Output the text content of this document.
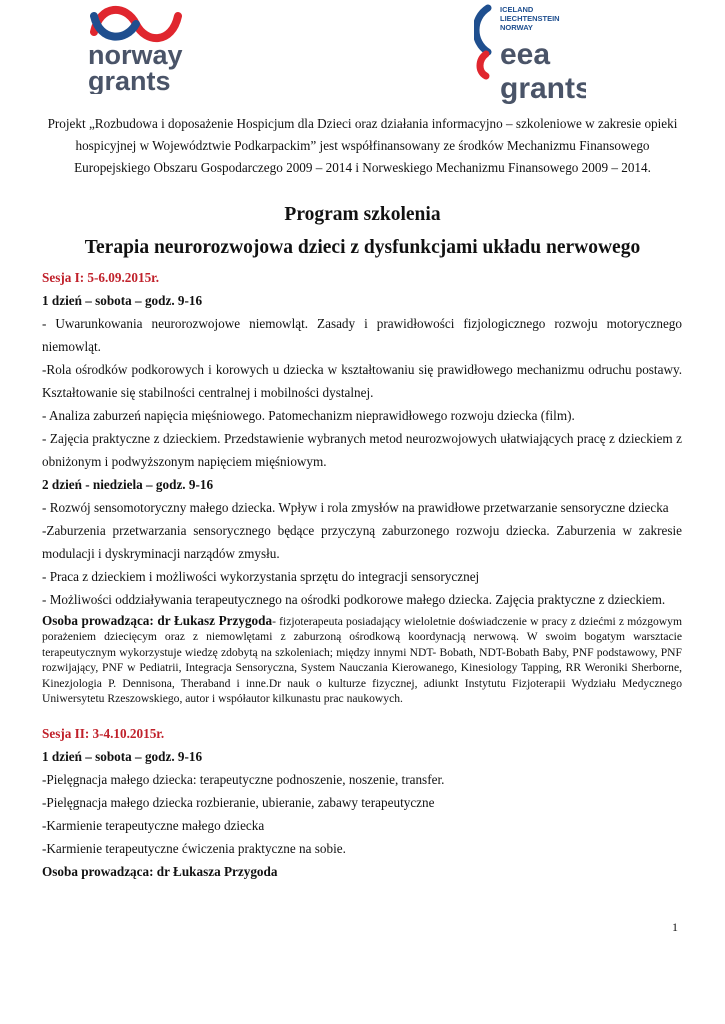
norway
grants
ICELAND
LIECHTENSTEIN
NORWAY
eea
grants
Projekt „Rozbudowa i doposażenie Hospicjum dla Dzieci oraz działania informacyjno – szkoleniowe w zakresie opieki hospicyjnej w Województwie Podkarpackim” jest współfinansowany ze środków Mechanizmu Finansowego Europejskiego Obszaru Gospodarczego 2009 – 2014 i Norweskiego Mechanizmu Finansowego 2009 – 2014.
Program szkolenia
Terapia neurorozwojowa dzieci z dysfunkcjami układu nerwowego

Sesja I: 5-6.09.2015r.

1 dzień – sobota – godz. 9-16

- Uwarunkowania neurorozwojowe niemowląt. Zasady i prawidłowości fizjologicznego rozwoju motorycznego niemowląt.

-Rola ośrodków podkorowych i korowych u dziecka w kształtowaniu się prawidłowego mechanizmu odruchu postawy. Kształtowanie się stabilności centralnej i mobilności dystalnej.

- Analiza zaburzeń napięcia mięśniowego. Patomechanizm nieprawidłowego rozwoju dziecka (film).

- Zajęcia praktyczne z dzieckiem. Przedstawienie wybranych metod neurozwojowych ułatwiających pracę z dzieckiem z obniżonym i podwyższonym napięciem mięśniowym.

2 dzień - niedziela – godz. 9-16

- Rozwój sensomotoryczny małego dziecka. Wpływ i rola zmysłów na prawidłowe przetwarzanie sensoryczne dziecka

-Zaburzenia przetwarzania sensorycznego będące przyczyną zaburzonego rozwoju dziecka. Zaburzenia w zakresie modulacji i dyskryminacji narządów zmysłu.

- Praca z dzieckiem i możliwości wykorzystania sprzętu do integracji sensorycznej

- Możliwości oddziaływania terapeutycznego na ośrodki podkorowe małego dziecka. Zajęcia praktyczne z dzieckiem.

Osoba prowadząca: dr Łukasz Przygoda- fizjoterapeuta posiadający wieloletnie doświadczenie w pracy z dziećmi z mózgowym porażeniem dziecięcym oraz z niemowlętami z zaburzoną ośrodkową koordynacją nerwową. W swoim bogatym warsztacie terapeutycznym wykorzystuje wiedzę zdobytą na szkoleniach; między innymi NDT- Bobath, NDT-Bobath Baby, PNF podstawowy, PNF rozwijający, PNF w Pediatrii, Integracja Sensoryczna, System Nauczania Kierowanego, Kinesiology Tapping, RR Weroniki Sherborne, Kinezjologia P. Dennisona, Theraband i inne.Dr nauk o kulturze fizycznej, adiunkt Instytutu Fizjoterapii Wydziału Medycznego Uniwersytetu Rzeszowskiego, autor i współautor kilkunastu prac naukowych.

Sesja II: 3-4.10.2015r.

1 dzień – sobota – godz. 9-16

-Pielęgnacja małego dziecka: terapeutyczne podnoszenie, noszenie, transfer.

-Pielęgnacja małego dziecka rozbieranie, ubieranie, zabawy terapeutyczne

-Karmienie terapeutyczne małego dziecka

-Karmienie terapeutyczne ćwiczenia praktyczne na sobie.

Osoba prowadząca: dr Łukasza Przygoda

1
